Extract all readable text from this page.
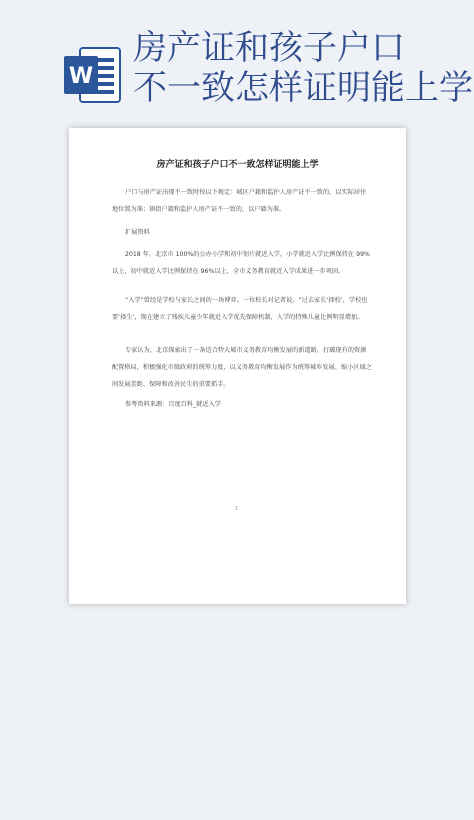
W
房产证和孩子户口
不一致怎样证明能上学
房产证和孩子户口不一致怎样证明能上学

户口与房产证出现不一致时按以下规定：城区户籍和监护人房产证不一致的，以实际居住地位置为准；镇街户籍和监护人房产证不一致的，以户籍为准。

扩展资料

2018 年，北京市 100%的公办小学和初中划片就近入学。小学就近入学比例保持在 99%以上，初中就近入学比例保持在 96%以上，全市义务教育就近入学成果进一步巩固。

“入学”曾经是学校与家长之间的一场博弈。一位校长对记者说，“过去家长‘择校’，学校也要‘择生’，现在建立了残疾儿童少年就近入学优先保障机制，入学的特殊儿童比例明显增加。

专家认为，北京探索出了一条适合特大城市义务教育均衡发展的新道路，打破现有的资源配置格局，积极强化市级政府的统筹力度，以义务教育均衡发展作为统筹城乡发展、缩小区域之间发展差距、保障和改善民生的重要抓手。

参考资料来源：百度百科_就近入学

1
